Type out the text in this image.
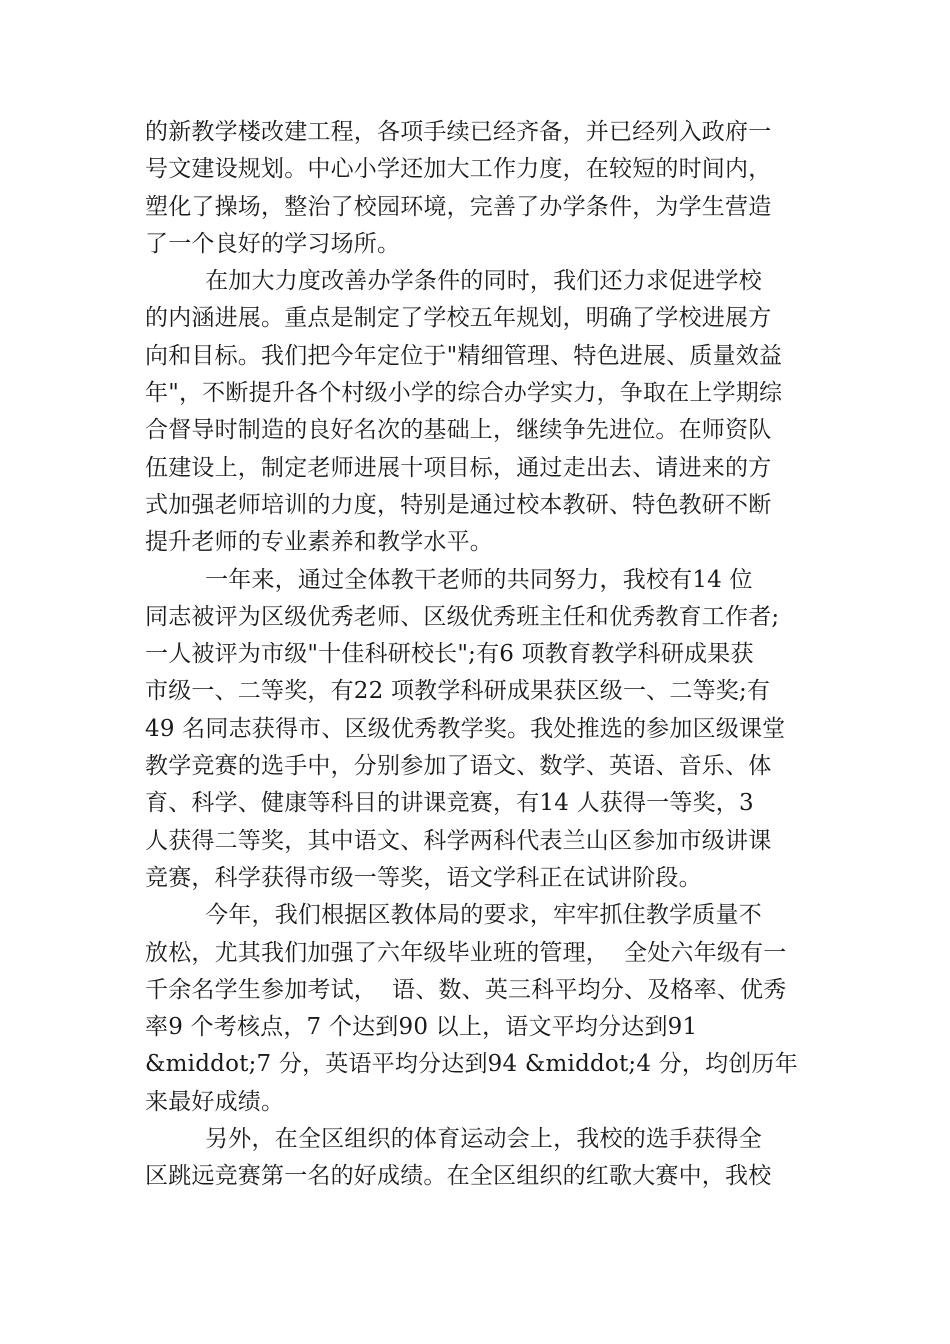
的新教学楼改建工程，各项手续已经齐备，并已经列入政府一
号文建设规划。中心小学还加大工作力度，在较短的时间内，
塑化了操场，整治了校园环境，完善了办学条件，为学生营造
了一个良好的学习场所。
在加大力度改善办学条件的同时，我们还力求促进学校
的内涵进展。重点是制定了学校五年规划，明确了学校进展方
向和目标。我们把今年定位于"精细管理、特色进展、质量效益
年"，不断提升各个村级小学的综合办学实力，争取在上学期综
合督导时制造的良好名次的基础上，继续争先进位。在师资队
伍建设上，制定老师进展十项目标，通过走出去、请进来的方
式加强老师培训的力度，特别是通过校本教研、特色教研不断
提升老师的专业素养和教学水平。
一年来，通过全体教干老师的共同努力，我校有14 位
同志被评为区级优秀老师、区级优秀班主任和优秀教育工作者;
一人被评为市级"十佳科研校长";有6 项教育教学科研成果获
市级一、二等奖，有22 项教学科研成果获区级一、二等奖;有
49 名同志获得市、区级优秀教学奖。我处推选的参加区级课堂
教学竞赛的选手中，分别参加了语文、数学、英语、音乐、体
育、科学、健康等科目的讲课竞赛，有14 人获得一等奖，3
人获得二等奖，其中语文、科学两科代表兰山区参加市级讲课
竞赛，科学获得市级一等奖，语文学科正在试讲阶段。
今年，我们根据区教体局的要求，牢牢抓住教学质量不
放松，尤其我们加强了六年级毕业班的管理，  全处六年级有一
千余名学生参加考试，  语、数、英三科平均分、及格率、优秀
率9 个考核点，7 个达到90 以上，语文平均分达到91
&middot;7 分，英语平均分达到94 &middot;4 分，均创历年
来最好成绩。
另外，在全区组织的体育运动会上，我校的选手获得全
区跳远竞赛第一名的好成绩。在全区组织的红歌大赛中，我校
